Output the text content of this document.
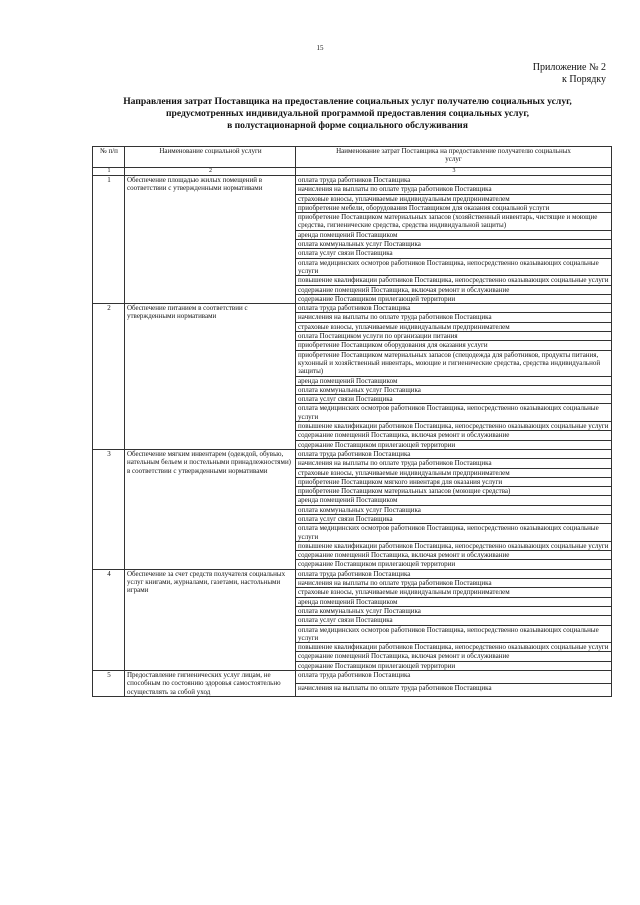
15
Приложение № 2
к Порядку
Направления затрат Поставщика на предоставление социальных услуг получателю социальных услуг,
предусмотренных индивидуальной программой предоставления социальных услуг,
в полустационарной форме социального обслуживания
№ п/п	Наименование социальной услуги	Наименование затрат Поставщика на предоставление получателю социальных услуг
1	2	3
1	Обеспечение площадью жилых помещений в соответствии с утвержденными нормативами	оплата труда работников Поставщика
		начисления на выплаты по оплате труда работников Поставщика
		страховые взносы, уплачиваемые индивидуальным предпринимателем
		приобретение мебели, оборудования Поставщиком для оказания социальной услуги
		приобретение Поставщиком материальных запасов (хозяйственный инвентарь, чистящие и моющие средства, гигиенические средства, средства индивидуальной защиты)
		аренда помещений Поставщиком
		оплата коммунальных услуг Поставщика
		оплата услуг связи Поставщика
		оплата медицинских осмотров работников Поставщика, непосредственно оказывающих социальные услуги
		повышение квалификации работников Поставщика, непосредственно оказывающих социальные услуги
		содержание помещений Поставщика, включая ремонт и обслуживание
		содержание Поставщиком прилегающей территории
2	Обеспечение питанием в соответствии с утвержденными нормативами	оплата труда работников Поставщика
		начисления на выплаты по оплате труда работников Поставщика
		страховые взносы, уплачиваемые индивидуальным предпринимателем
		оплата Поставщиком услуги по организации питания
		приобретение Поставщиком оборудования для оказания услуги
		приобретение Поставщиком материальных запасов (спецодежда для работников, продукты питания, кухонный и хозяйственный инвентарь, моющие и гигиенические средства, средства индивидуальной защиты)
		аренда помещений Поставщиком
		оплата коммунальных услуг Поставщика
		оплата услуг связи Поставщика
		оплата медицинских осмотров работников Поставщика, непосредственно оказывающих социальные услуги
		повышение квалификации работников Поставщика, непосредственно оказывающих социальные услуги
		содержание помещений Поставщика, включая ремонт и обслуживание
		содержание Поставщиком прилегающей территории
3	Обеспечение мягким инвентарем (одеждой, обувью, нательным бельем и постельными принадлежностями) в соответствии с утвержденными нормативами	оплата труда работников Поставщика
		начисления на выплаты по оплате труда работников Поставщика
		страховые взносы, уплачиваемые индивидуальным предпринимателем
		приобретение Поставщиком мягкого инвентаря для оказания услуги
		приобретение Поставщиком материальных запасов (моющие средства)
		аренда помещений Поставщиком
		оплата коммунальных услуг Поставщика
		оплата услуг связи Поставщика
		оплата медицинских осмотров работников Поставщика, непосредственно оказывающих социальные услуги
		повышение квалификации работников Поставщика, непосредственно оказывающих социальные услуги
		содержание помещений Поставщика, включая ремонт и обслуживание
		содержание Поставщиком прилегающей территории
4	Обеспечение за счет средств получателя социальных услуг книгами, журналами, газетами, настольными играми	оплата труда работников Поставщика
		начисления на выплаты по оплате труда работников Поставщика
		страховые взносы, уплачиваемые индивидуальным предпринимателем
		аренда помещений Поставщиком
		оплата коммунальных услуг Поставщика
		оплата услуг связи Поставщика
		оплата медицинских осмотров работников Поставщика, непосредственно оказывающих социальные услуги
		повышение квалификации работников Поставщика, непосредственно оказывающих социальные услуги
		содержание помещений Поставщика, включая ремонт и обслуживание
		содержание Поставщиком прилегающей территории
5	Предоставление гигиенических услуг лицам, не способным по состоянию здоровья самостоятельно осуществлять за собой уход	оплата труда работников Поставщика
		начисления на выплаты по оплате труда работников Поставщика
